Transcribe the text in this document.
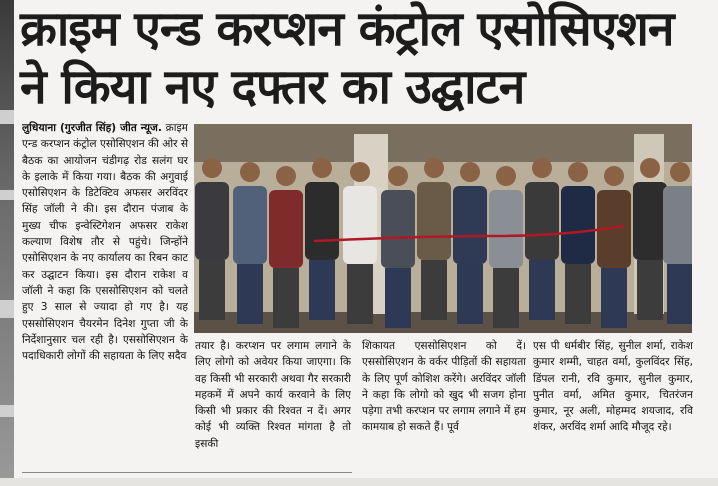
क्राइम एन्ड करप्शन कंट्रोल एसोसिएशन
ने किया नए दफ्तर का उद्घाटन
लुधियाना (गुरजीत सिंह) जीत न्यूज. क्राइम एन्ड करप्शन कंट्रोल एसोसिएशन की ओर से बैठक का आयोजन चंडीगढ़ रोड सलंग घर के इलाके में किया गया। बैठक की अगुवाई एसोसिएशन के डिटेक्टिव अफसर अरविंदर सिंह जॉली ने की। इस दौरान पंजाब के मुख्य चीफ इन्वेस्टिगेशन अफसर राकेश कल्याण विशेष तौर से पहुंचे। जिन्होंने एसोसिएशन के नए कार्यालय का रिबन काट कर उद्घाटन किया। इस दौरान राकेश व जॉली ने कहा कि एससोसिएशन को चलते हुए 3 साल से ज्यादा हो गए है। यह एससोसिएशन चैयरमेन दिनेश गुप्ता जी के निर्देशानुसार चल रही है। एससोसिएशन के पदाधिकारी लोगों की सहायता के लिए सदैव
तयार है। करप्शन पर लगाम लगाने के लिए लोगो को अवेयर किया जाएगा। कि वह किसी भी सरकारी अथवा गैर सरकारी महकमें में अपने कार्य करवाने के लिए किसी भी प्रकार की रिश्वत न दें। अगर कोई भी व्यक्ति रिश्वत मांगता है तो इसकी
शिकायत एससोसिएशन को दें। एससोसिएशन के वर्कर पीड़ितों की सहायता के लिए पूर्ण कोशिश करेंगे। अरविंदर जॉली ने कहा कि लोगो को खुद भी सजग होना पड़ेगा तभी करप्शन पर लगाम लगाने में हम कामयाब हो सकते हैं। पूर्व
एस पी धर्मबीर सिंह, सुनील शर्मा, राकेश कुमार शम्मी, चाहत वर्मा, कुलविंदर सिंह, डिंपल रानी, रवि कुमार, सुनील कुमार, पुनीत वर्मा, अमित कुमार, चितरंजन कुमार, नूर अली, मोहम्मद शयजाद, रवि शंकर, अरविंद शर्मा आदि मौजूद रहे।
